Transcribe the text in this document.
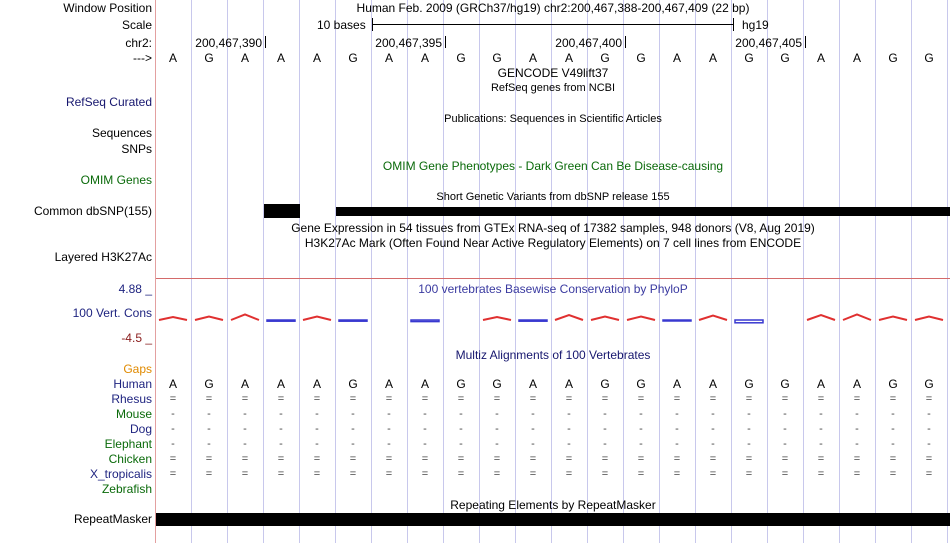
Window Position	Human Feb. 2009 (GRCh37/hg19) chr2:200,467,388-200,467,409 (22 bp)
Scale	10 bases	hg19
chr2:	200,467,390	200,467,395	200,467,400	200,467,405
--->	A	G	A	A	A	G	A	A	G	G	A	A	G	G	A	A	G	G	A	A	G	G
GENCODE V49lift37
RefSeq genes from NCBI
RefSeq Curated
Publications: Sequences in Scientific Articles
Sequences
SNPs
OMIM Gene Phenotypes - Dark Green Can Be Disease-causing
OMIM Genes
Short Genetic Variants from dbSNP release 155
Common dbSNP(155)
Gene Expression in 54 tissues from GTEx RNA-seq of 17382 samples, 948 donors (V8, Aug 2019)
H3K27Ac Mark (Often Found Near Active Regulatory Elements) on 7 cell lines from ENCODE
Layered H3K27Ac
4.88 _	100 vertebrates Basewise Conservation by PhyloP
100 Vert. Cons
-4.5 _
Multiz Alignments of 100 Vertebrates
Gaps
Human	A	G	A	A	A	G	A	A	G	G	A	A	G	G	A	A	G	G	A	A	G	G
Rhesus	=	=	=	=	=	=	=	=	=	=	=	=	=	=	=	=	=	=	=	=	=	=
Mouse	-	-	-	-	-	-	-	-	-	-	-	-	-	-	-	-	-	-	-	-	-	-
Dog	-	-	-	-	-	-	-	-	-	-	-	-	-	-	-	-	-	-	-	-	-	-
Elephant	-	-	-	-	-	-	-	-	-	-	-	-	-	-	-	-	-	-	-	-	-	-
Chicken	=	=	=	=	=	=	=	=	=	=	=	=	=	=	=	=	=	=	=	=	=	=
X_tropicalis	=	=	=	=	=	=	=	=	=	=	=	=	=	=	=	=	=	=	=	=	=	=
Zebrafish
Repeating Elements by RepeatMasker
RepeatMasker
